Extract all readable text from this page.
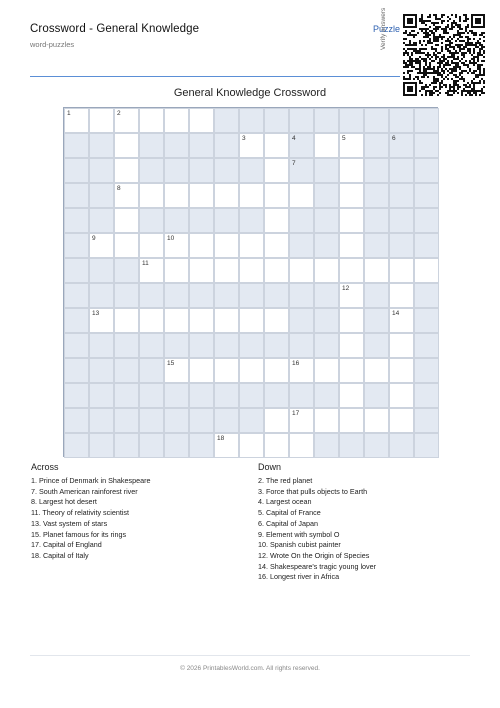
Crossword - General Knowledge
word-puzzles
Puzzle
Verify answers
General Knowledge Crossword
1	2
3	4	5	6
7
8
9	10
11
12
13	14
15	16
17
18
Across
1. Prince of Denmark in Shakespeare
7. South American rainforest river
8. Largest hot desert
11. Theory of relativity scientist
13. Vast system of stars
15. Planet famous for its rings
17. Capital of England
18. Capital of Italy
Down
2. The red planet
3. Force that pulls objects to Earth
4. Largest ocean
5. Capital of France
6. Capital of Japan
9. Element with symbol O
10. Spanish cubist painter
12. Wrote On the Origin of Species
14. Shakespeare's tragic young lover
16. Longest river in Africa
© 2026 PrintablesWorld.com. All rights reserved.
